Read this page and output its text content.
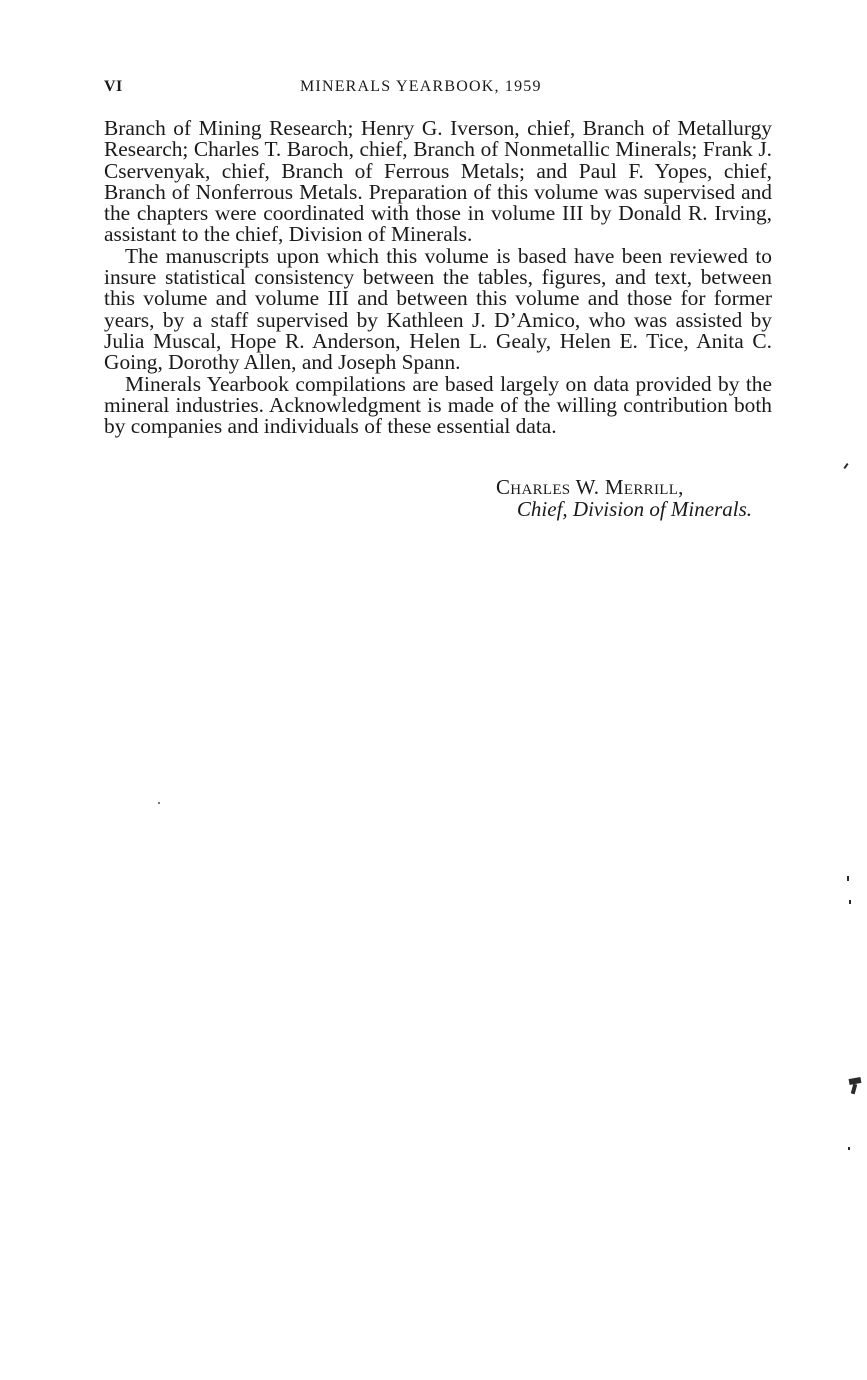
VI	MINERALS YEARBOOK, 1959

Branch of Mining Research; Henry G. Iverson, chief, Branch of Metallurgy Research; Charles T. Baroch, chief, Branch of Nonmetallic Minerals; Frank J. Cservenyak, chief, Branch of Ferrous Metals; and Paul F. Yopes, chief, Branch of Nonferrous Metals. Preparation of this volume was supervised and the chapters were coordinated with those in volume III by Donald R. Irving, assistant to the chief, Division of Minerals.

The manuscripts upon which this volume is based have been reviewed to insure statistical consistency between the tables, figures, and text, between this volume and volume III and between this volume and those for former years, by a staff supervised by Kathleen J. D’Amico, who was assisted by Julia Muscal, Hope R. Anderson, Helen L. Gealy, Helen E. Tice, Anita C. Going, Dorothy Allen, and Joseph Spann.

Minerals Yearbook compilations are based largely on data provided by the mineral industries. Acknowledgment is made of the willing contribution both by companies and individuals of these essential data.

Charles W. Merrill,
Chief, Division of Minerals.
